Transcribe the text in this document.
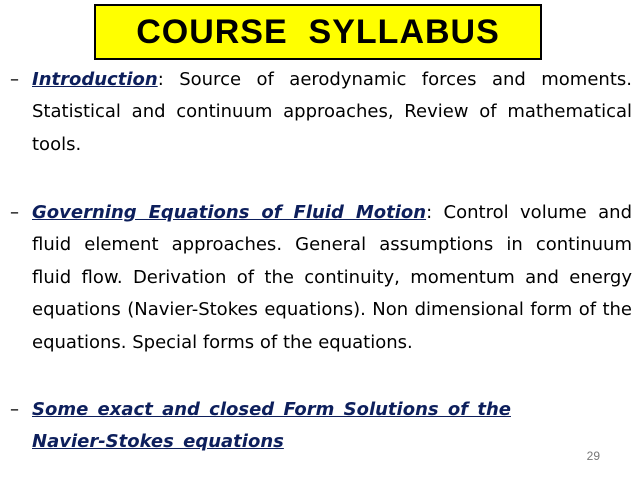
COURSE  SYLLABUS
– Introduction: Source of aerodynamic forces and moments. Statistical and continuum approaches, Review of mathematical tools.
– Governing Equations of Fluid Motion: Control volume and fluid element approaches. General assumptions in continuum fluid flow. Derivation of the continuity, momentum and energy equations (Navier-Stokes equations). Non dimensional form of the equations. Special forms of the equations.
– Some exact and closed Form Solutions of the Navier-Stokes equations
29
